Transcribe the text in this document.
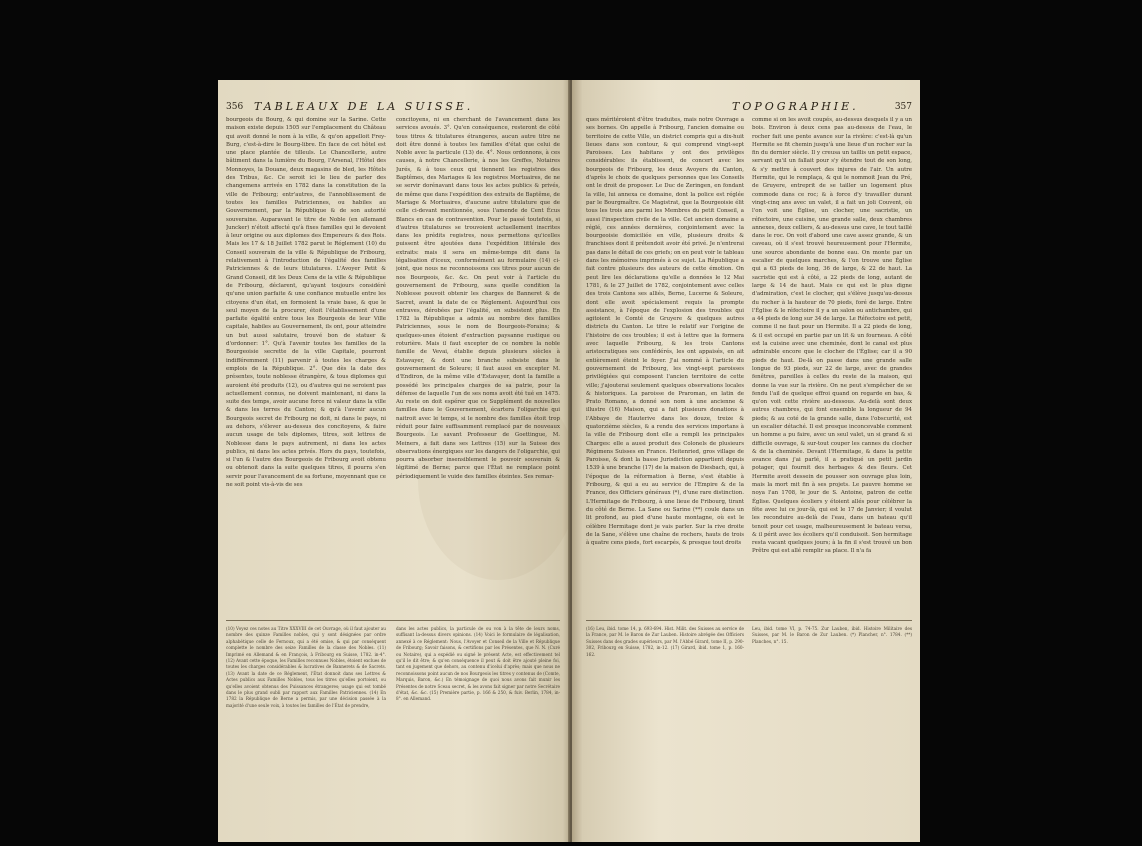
356 TABLEAUX DE LA SUISSE.

bourgeois du Bourg, & qui domine sur la Sarine. Cette maison existe depuis 1505 sur l'emplacement du Château qui avoit donné le nom à la ville, & qu'on appelloit Frey-Burg, c'est-à-dire le Bourg-libre. En face de cet hôtel est une place plantée de tilleuls. Le Chancellerie, autre bâtiment dans la lumière du Bourg, l'Arsenal, l'Hôtel des Monnoyes, la Douane, deux magasins de bled, les Hôtels des Tribus, &c. Ce seroit ici le lieu de parler des changemens arrivés en 1782 dans la constitution de la ville de Fribourg; entr'autres, de l'annoblissement de toutes les familles Patriciennes, ou habiles au Gouvernement, par la République & de son autorité souveraine. Auparavant le titre de Noble (en allemand Juncker) n'étoit affecté qu'à fixes familles qui le devoient à leur origine ou aux diplomes des Empereurs & des Rois. Mais les 17 & 18 Juillet 1782 parut le Réglement (10) du Conseil souverain de la ville & République de Fribourg, relativement à l'introduction de l'égalité des familles Patriciennes & de leurs titulatures. L'Avoyer Petit & Grand Conseil, dit les Deux Cens de la ville & République de Fribourg, déclarent, qu'ayant toujours considéré qu'une union parfaite & une confiance mutuelle entre les citoyens d'un état, en formoient la vraie base, & que le seul moyen de la procurer, étoit l'établissement d'une parfaite égalité entre tous les Bourgeois de leur Ville capitale, habiles au Gouvernement, ils ont, pour atteindre un but aussi salutaire, trouvé bon de statuer & d'ordonner: 1°. Qu'à l'avenir toutes les familles de la Bourgeoisie secrette de la ville Capitale, pourront indifféremment (11) parvenir à toutes les charges & emplois de la République. 2°. Que dès la date des présentes, toute noblesse étrangère, & tous diplomes qui auroient été produits (12), ou d'autres qui ne seroient pas actuellement connus, ne doivent maintenant, ni dans la suite des temps, avoir aucune force ni valeur dans la ville & dans les terres du Canton; & qu'à l'avenir aucun Bourgeois secret de Fribourg ne doit, ni dans le pays, ni au dehors, s'élever au-dessus des concitoyens, & faire aucun usage de tels diplomes, titres, soit lettres de Noblesse dans le pays autrement, ni dans les actes publics, ni dans les actes privés. Hors du pays, toutefois, si l'un & l'autre des Bourgeois de Fribourg avoit obtenu ou obtenoit dans la suite quelques titres, il pourra s'en servir pour l'avancement de sa fortune, moyennant que ce ne soit point vis-à-vis de ses

concitoyens, ni en cherchant de l'avancement dans les services avoués. 3°. Qu'en conséquence, resteront de côté tous titres & titulatures étrangeres, aucun autre titre ne doit être donné à toutes les familles d'état que celui de Noble avec la particule (13) de. 4°. Nous ordonnons, à ces causes, à notre Chancellerie, à nos les Greffes, Notaires Jurés, & à tous ceux qui tiennent les registres des Baptêmes, des Mariages & les registres Mortuaires, de ne se servir dorénavant dans tous les actes publics & privés, de même que dans l'expédition des extraits de Baptême, de Mariage & Mortuaires, d'aucune autre titulature que de celle ci-devant mentionnée, sous l'amende de Cent Écus Blancs en cas de contravention. Pour le passé toutefois, si d'autres titulatures se trouvoient actuellement inscrites dans les prédits registres, nous permettons qu'icelles puissent être ajoutées dans l'expédition littérale des extraits: mais il sera en même-temps dit dans la légalisation d'iceux, conformément au formulaire (14) ci-joint, que nous ne reconnoissons ces titres pour aucun de nos Bourgeois, &c. &c. On peut voir à l'article du gouvernement de Fribourg, sans quelle condition la Noblesse pouvoit obtenir les charges de Banneret & de Sacret, avant la date de ce Réglement. Aujourd'hui ces entraves, dérobées par l'égalité, en subsistent plus. En 1782 la République a admis au nombre des familles Patriciennes, sous le nom de Bourgeois-Forains; & quelques-unes étoient d'extraction paysanne rustique ou roturière. Mais il faut excepter de ce nombre la noble famille de Vevai, établie depuis plusieurs siècles à Estavayer, & dont une branche subsiste dans le gouvernement de Soleure; il faut aussi en excepter M. d'Endiron, de la même ville d'Estavayer, dont la famille a possédé les principales charges de sa patrie, pour la défense de laquelle l'un de ses noms avoit été tué en 1475. Au reste on doit espérer que ce Supplément de nouvelles familles dans le Gouvernement, écartera l'oligarchie qui naitroit avec le temps, si le nombre des familles étoit trop réduit pour faire suffisamment remplacé par de nouveaux Bourgeois. Le savant Professeur de Goettingue, M. Meiners, a fait dans ses Lettres (15) sur la Suisse des observations énergiques sur les dangers de l'oligarchie, qui pourra absorber insensiblement le pouvoir souverain & légitimé de Berne; parce que l'État ne remplace point périodiquement le vuide des familles éteintes. Ses remar-

(10) Voyez ces notes au Titre XXXVIII de cet Ouvrage, où il faut ajouter au nombre des quinze Familles nobles, qui y sont désignées par ordre alphabétique celle de Fernoux, qui a été omise, & qui par conséquent complette le nombre des seize Familles de la classe des Nobles. (11) Imprimé en Allemand & en François, à Fribourg en Suisse, 1782. in-4°. (12) Avant cette époque, les Familles reconnues Nobles, étoient exclues de toutes les charges considérables & lucratives de Bannerets & de Sacrets. (13) Avant la date de ce Réglement, l'État donnoit dans ses Lettres & Actes publics aux Familles Nobles, tous les titres qu'elles portoient, ou qu'elles avoient obtenus des Puissances étrangeres; usage qui est tombé dans le plus grand oubli par rapport aux Familles Patriciennes. (14) En 1782 la République de Berne a permis, par une décision passée à la majorité d'une seule voix, à toutes les familles de l'État de prendre,

dans les actes publics, la particule de ou von à la tête de leurs noms, suffisant la-dessus divers opinions. (14) Voici le formulaire de légalisation, annexé à ce Réglement: Nous, l'Avoyer et Conseil de la Ville et République de Fribourg; Savoir faisons, & certifions par les Présentes, que N. N. (Curé ou Notaire), qui a expédié ou signé le présent Acte, est effectivement tel qu'il le dit être; & qu'en conséquence il peut & doit être ajouté pleine foi, tant en jugement que dehors, au contenu d'icelui d'après; mais que nous ne reconnoissons point aucun de nos Bourgeois les titres y contenus de (Comte, Marquis, Baron, &c.) En témoignage de quoi nous avons fait munir les Présentes de notre Sceau secret, & les avons fait signer par notre Secrétaire d'état, &c. &c. (15) Première partie, p. 166 & 250, & fuiv. Berlin, 1784, in-8°. en Allemand.

TOPOGRAPHIE.	357

ques méritéroient d'être traduites, mais notre Ouvrage a ses bornes. On appelle à Fribourg, l'ancien domaine ou territoire de cette Ville, un district compris qui a dix-huit lieues dans son contour, & qui comprend vingt-sept Paroisses. Les habitans y ont des privilèges considérables: ils établissent, de concert avec les bourgeois de Fribourg, les deux Avoyers du Canton, d'après le choix de quelques personnes que les Conseils ont le droit de proposer. Le Duc de Zeringen, en fondant la ville, lui annexa ce domaine, dont la police est réglée par le Bourgmaître. Ce Magistrat, que la Bourgeoisie élit tous les trois ans parmi les Membres du petit Conseil, a aussi l'inspection civile de la ville. Cet ancien domaine a réglé, ces années dernières, conjointement avec la bourgeoisie domiciliée en ville, plusieurs droits & franchises dont il prétendoit avoir été privé. Je n'entrerai pas dans le détail de ces griefs; on en peut voir le tableau dans les mémoires imprimés à ce sujet. La République a fait contre plusieurs des auteurs de cette émotion. On peut lire les déclarations qu'elle a données le 12 Mai 1781, & le 27 Juillet de 1782, conjointement avec celles des trois Cantons ses alliés, Berne, Lucerne & Soleure, dont elle avoit spécialement requis la prompte assistance, à l'époque de l'explosion des troubles qui agitoient le Comté de Gruyere & quelques autres districts du Canton. Le titre le relatif sur l'origine de l'histoire de ces troubles; il est à lettre que la formera avec laquelle Fribourg, & les trois Cantons aristocratiques ses confédérés, les ont appaisés, en ait entièrement éteint le foyer. J'ai nommé à l'article du gouvernement de Fribourg, les vingt-sept paroisses privilégiées qui composent l'ancien territoire de cette ville; j'ajouterai seulement quelques observations locales & historiques. La paroisse de Praroman, en latin de Prato Romano, a donné son nom à une ancienne & illustre (16) Maison, qui a fait plusieurs donations à l'Abbaye de Hauterive dans les douze, treize & quatorzième siècles, & a rendu des services importans à la ville de Fribourg dont elle a rempli les principales Charges: elle a aussi produit des Colonels de plusieurs Régimens Suisses en France. Heitenried, gros village de Paroisse, & dont la basse Jurisdiction appartient depuis 1539 à une branche (17) de la maison de Diesbach, qui, à l'époque de la réformation à Berne, s'est établie à Fribourg, & qui a eu au service de l'Empire & de la France, des Officiers généraux (*), d'une rare distinction. L'Hermitage de Fribourg, à une lieue de Fribourg, tirant du côté de Berne. La Sane ou Sarine (**) coule dans un lit profond, au pied d'une haute montagne, où est le célèbre Hermitage dont je vais parler. Sur la rive droite de la Sane, s'élève une chaîne de rochers, hauts de trois à quatre cens pieds, fort escarpés, & presque tout droits

comme si on les avoit coupés, au-dessus desquels il y a un bois. Environ à deux cens pas au-dessus de l'eau, le rocher fait une pente avance sur la rivière: c'est-là qu'un Hermite se fit chemin jusqu'à une lieue d'un rocher sur la fin du dernier siècle. Il y creusa un taillis un petit espace, servant qu'il un fallait pour s'y étendre tout de son long, & s'y mettre à couvert des injures de l'air. Un autre Hermite, qui le remplaça, & qui le nommoit Jean du Pré, de Gruyere, entreprit de se tailler un logement plus commode dans ce roc; & à force d'y travailler durant vingt-cinq ans avec un valet, il a fait un joli Couvent, où l'on voit une Église, un clocher, une sacristie, un réfectoire, une cuisine, une grande salle, deux chambres annexes, deux celliers, & au-dessus une cave, le tout taillé dans le roc. On voit d'abord une cave assez grande, & un caveau, où il s'est trouvé heureusement pour l'Hermite, une source abondante de bonne eau. On monte par un escalier de quelques marches, & l'on trouve une Église qui a 63 pieds de long, 36 de large, & 22 de haut. La sacristie qui est à côté, a 22 pieds de long, autant de large & 14 de haut. Mais ce qui est le plus digne d'admiration, c'est le clocher, qui s'élève jusqu'au-dessus du rocher à la hauteur de 70 pieds, foré de large. Entre l'Église & le réfectoire il y a un salon ou antichambre, qui a 44 pieds de long sur 34 de large. Le Réfectoire est petit, comme il ne faut pour un Hermite. Il a 22 pieds de long, & il est occupé en partie par un lit & un fourneau. A côté est la cuisine avec une cheminée, dont le canal est plus admirable encore que le clocher de l'Église; car il a 90 pieds de haut. De-là on passe dans une grande salle longue de 93 pieds, sur 22 de large, avec de grandes fenêtres, pareilles à celles du reste de la maison, qui donne la vue sur la rivière. On ne peut s'empêcher de se fendu l'ail de quelque effroi quand on regarde en bas, & qu'on voit cette rivière au-dessous. Au-delà sont deux autres chambres, qui font ensemble la longueur de 94 pieds; & au coté de la grande salle, dans l'obscurité, est un escalier détaché. Il est presque inconcevable comment un homme a pu faire, avec un seul valet, un si grand & si difficile ouvrage, & sur-tout couper les cannes du clocher & de la cheminée. Devant l'Hermitage, & dans la petite avance dans j'ai parlé, il a pratiqué un petit jardin potager, qui fournit des herbages & des fleurs. Cet Hermite avoit dessein de pousser son ouvrage plus loin, mais la mort mit fin à ses projets. Le pauvre homme se noya l'an 1708, le jour de S. Antoine, patron de cette Église. Quelques écoliers y étoient allés pour célébrer la fête avec lui ce jour-là, qui est le 17 de Janvier; il voulut les reconduire au-delà de l'eau, dans un bateau qu'il tenoit pour cet usage, malheureusement le bateau versa, & il périt avec les écoliers qu'il conduisoit. Son hermitage resta vacant quelques jours; à la fin il s'est trouvé un bon Prêtre qui est allé remplir sa place. Il n'a fa

(16) Leu, ibid. tome 14, p. 693-694. Hist. Milit. des Suisses au service de la France, par M. le Baron de Zur Lauben. Histoire abrégée des Officiers Suisses dans des grades supérieurs, par M. l'Abbé Girard, tome II, p. 290-302, Fribourg en Suisse, 1782, in-12. (17) Girard, ibid. tome 1, p. 160-162.

Leu, ibid. tome VI, p. 74-75. Zur Lauben, ibid. Histoire Militaire des Suisses, par M. le Baron de Zur Lauben. (*) Plancher, n°. 1784. (**) Planches, n°. 15.
